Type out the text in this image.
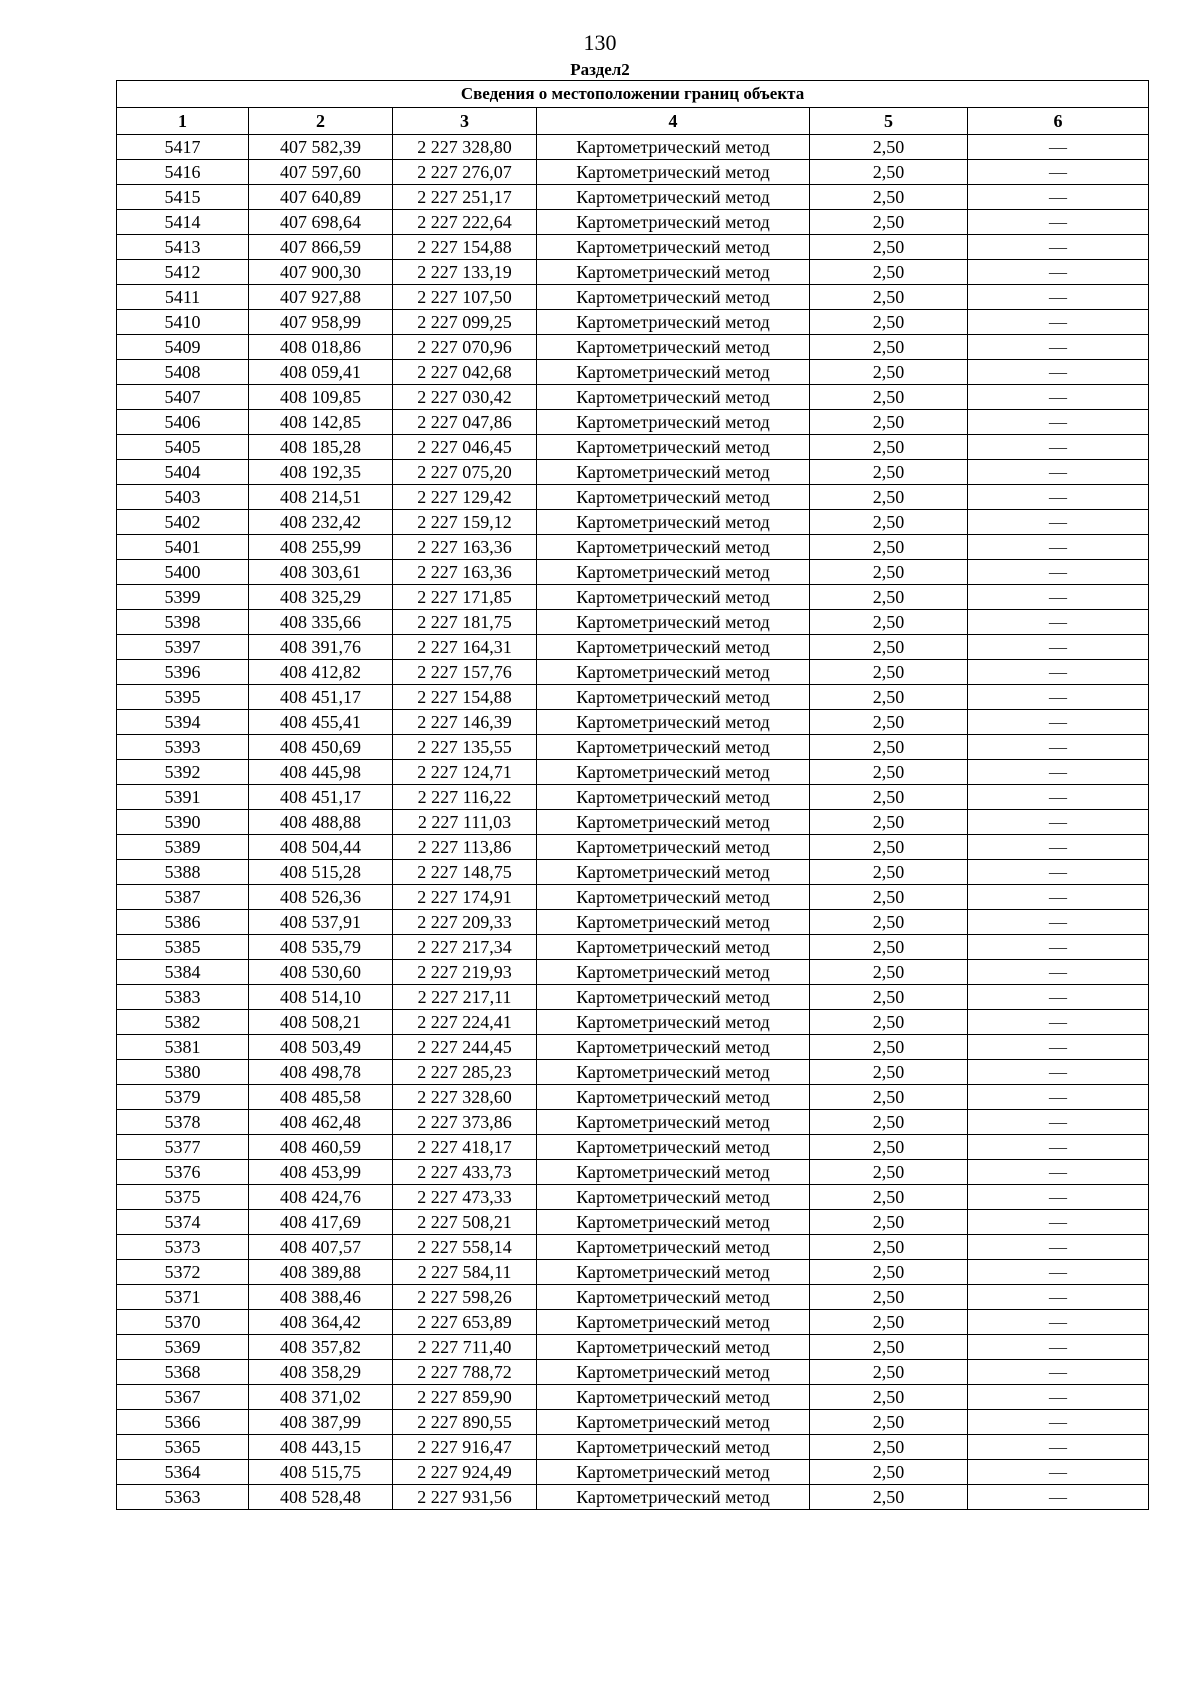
130
Раздел2
Сведения о местоположении границ объекта					
1	2	3	4	5	6
5417	407 582,39	2 227 328,80	Картометрический метод	2,50	—
5416	407 597,60	2 227 276,07	Картометрический метод	2,50	—
5415	407 640,89	2 227 251,17	Картометрический метод	2,50	—
5414	407 698,64	2 227 222,64	Картометрический метод	2,50	—
5413	407 866,59	2 227 154,88	Картометрический метод	2,50	—
5412	407 900,30	2 227 133,19	Картометрический метод	2,50	—
5411	407 927,88	2 227 107,50	Картометрический метод	2,50	—
5410	407 958,99	2 227 099,25	Картометрический метод	2,50	—
5409	408 018,86	2 227 070,96	Картометрический метод	2,50	—
5408	408 059,41	2 227 042,68	Картометрический метод	2,50	—
5407	408 109,85	2 227 030,42	Картометрический метод	2,50	—
5406	408 142,85	2 227 047,86	Картометрический метод	2,50	—
5405	408 185,28	2 227 046,45	Картометрический метод	2,50	—
5404	408 192,35	2 227 075,20	Картометрический метод	2,50	—
5403	408 214,51	2 227 129,42	Картометрический метод	2,50	—
5402	408 232,42	2 227 159,12	Картометрический метод	2,50	—
5401	408 255,99	2 227 163,36	Картометрический метод	2,50	—
5400	408 303,61	2 227 163,36	Картометрический метод	2,50	—
5399	408 325,29	2 227 171,85	Картометрический метод	2,50	—
5398	408 335,66	2 227 181,75	Картометрический метод	2,50	—
5397	408 391,76	2 227 164,31	Картометрический метод	2,50	—
5396	408 412,82	2 227 157,76	Картометрический метод	2,50	—
5395	408 451,17	2 227 154,88	Картометрический метод	2,50	—
5394	408 455,41	2 227 146,39	Картометрический метод	2,50	—
5393	408 450,69	2 227 135,55	Картометрический метод	2,50	—
5392	408 445,98	2 227 124,71	Картометрический метод	2,50	—
5391	408 451,17	2 227 116,22	Картометрический метод	2,50	—
5390	408 488,88	2 227 111,03	Картометрический метод	2,50	—
5389	408 504,44	2 227 113,86	Картометрический метод	2,50	—
5388	408 515,28	2 227 148,75	Картометрический метод	2,50	—
5387	408 526,36	2 227 174,91	Картометрический метод	2,50	—
5386	408 537,91	2 227 209,33	Картометрический метод	2,50	—
5385	408 535,79	2 227 217,34	Картометрический метод	2,50	—
5384	408 530,60	2 227 219,93	Картометрический метод	2,50	—
5383	408 514,10	2 227 217,11	Картометрический метод	2,50	—
5382	408 508,21	2 227 224,41	Картометрический метод	2,50	—
5381	408 503,49	2 227 244,45	Картометрический метод	2,50	—
5380	408 498,78	2 227 285,23	Картометрический метод	2,50	—
5379	408 485,58	2 227 328,60	Картометрический метод	2,50	—
5378	408 462,48	2 227 373,86	Картометрический метод	2,50	—
5377	408 460,59	2 227 418,17	Картометрический метод	2,50	—
5376	408 453,99	2 227 433,73	Картометрический метод	2,50	—
5375	408 424,76	2 227 473,33	Картометрический метод	2,50	—
5374	408 417,69	2 227 508,21	Картометрический метод	2,50	—
5373	408 407,57	2 227 558,14	Картометрический метод	2,50	—
5372	408 389,88	2 227 584,11	Картометрический метод	2,50	—
5371	408 388,46	2 227 598,26	Картометрический метод	2,50	—
5370	408 364,42	2 227 653,89	Картометрический метод	2,50	—
5369	408 357,82	2 227 711,40	Картометрический метод	2,50	—
5368	408 358,29	2 227 788,72	Картометрический метод	2,50	—
5367	408 371,02	2 227 859,90	Картометрический метод	2,50	—
5366	408 387,99	2 227 890,55	Картометрический метод	2,50	—
5365	408 443,15	2 227 916,47	Картометрический метод	2,50	—
5364	408 515,75	2 227 924,49	Картометрический метод	2,50	—
5363	408 528,48	2 227 931,56	Картометрический метод	2,50	—
